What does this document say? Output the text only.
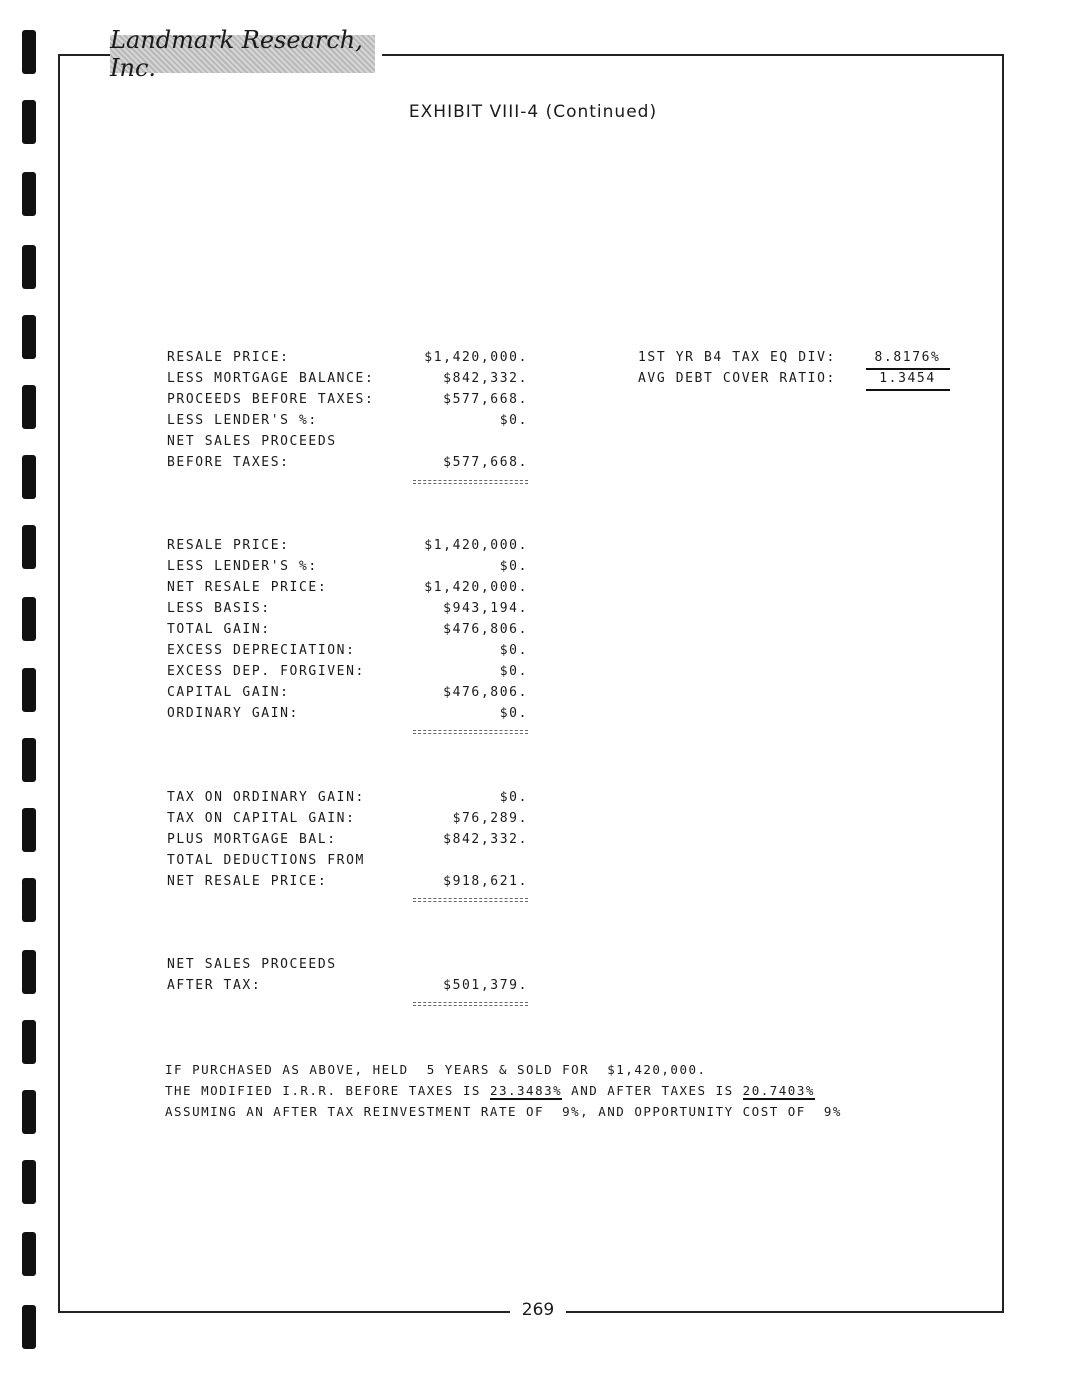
Landmark Research, Inc.
EXHIBIT VIII-4 (Continued)
RESALE PRICE:	$1,420,000.
LESS MORTGAGE BALANCE:	$842,332.
PROCEEDS BEFORE TAXES:	$577,668.
LESS LENDER'S %:	$0.
NET SALES PROCEEDS
BEFORE TAXES:	$577,668.
1ST YR B4 TAX EQ DIV:	8.8176%
AVG DEBT COVER RATIO:	1.3454
RESALE PRICE:	$1,420,000.
LESS LENDER'S %:	$0.
NET RESALE PRICE:	$1,420,000.
LESS BASIS:	$943,194.
TOTAL GAIN:	$476,806.
EXCESS DEPRECIATION:	$0.
EXCESS DEP. FORGIVEN:	$0.
CAPITAL GAIN:	$476,806.
ORDINARY GAIN:	$0.
TAX ON ORDINARY GAIN:	$0.
TAX ON CAPITAL GAIN:	$76,289.
PLUS MORTGAGE BAL:	$842,332.
TOTAL DEDUCTIONS FROM
NET RESALE PRICE:	$918,621.
NET SALES PROCEEDS
AFTER TAX:	$501,379.
IF PURCHASED AS ABOVE, HELD  5 YEARS & SOLD FOR  $1,420,000.
THE MODIFIED I.R.R. BEFORE TAXES IS 23.3483% AND AFTER TAXES IS 20.7403%
ASSUMING AN AFTER TAX REINVESTMENT RATE OF  9%, AND OPPORTUNITY COST OF  9%
269
